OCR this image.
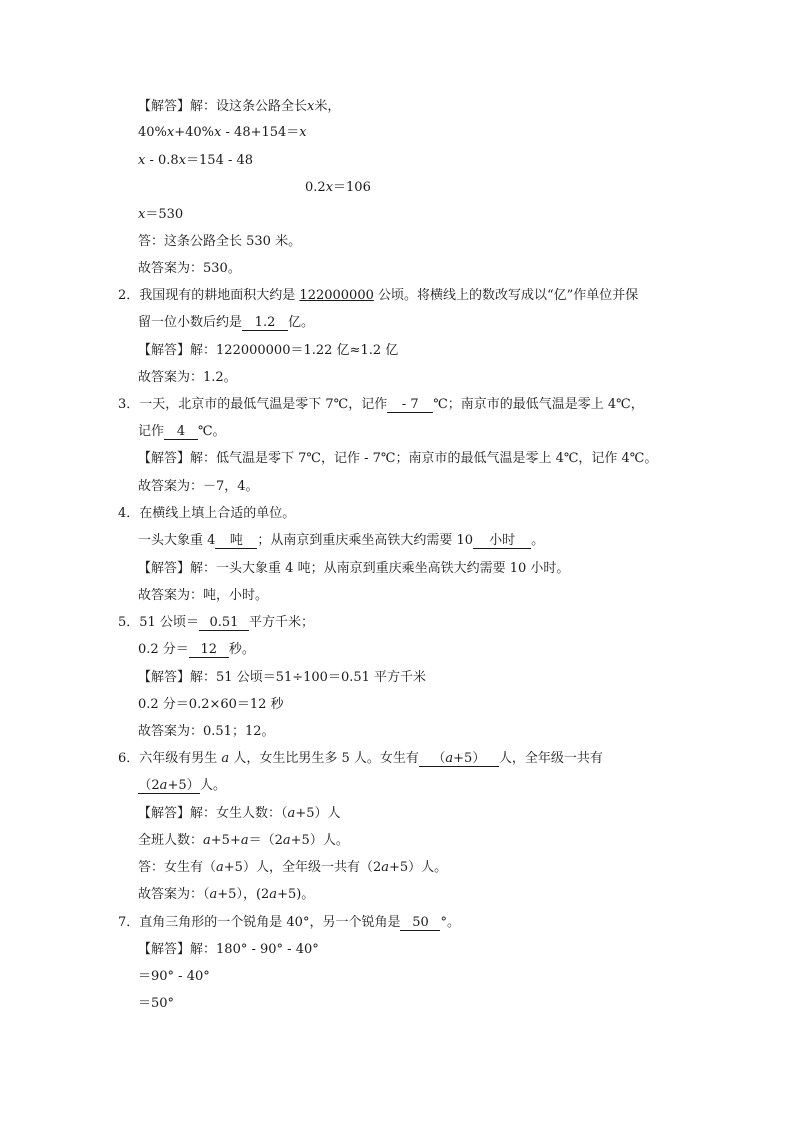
【解答】解：设这条公路全长x米，
40%x+40%x - 48+154＝x
x - 0.8x＝154 - 48
0.2x＝106
x＝530
答：这条公路全长 530 米。
故答案为：530。
2．我国现有的耕地面积大约是 122000000 公顷。将横线上的数改写成以“亿”作单位并保
留一位小数后约是 1.2 亿。
【解答】解：122000000＝1.22 亿≈1.2 亿
故答案为：1.2。
3．一天，北京市的最低气温是零下 7℃，记作- 7 ℃；南京市的最低气温是零上 4℃，
记作 4 ℃。
【解答】解：低气温是零下 7℃，记作 - 7℃；南京市的最低气温是零上 4℃，记作 4℃。
故答案为：－7，4。
4．在横线上填上合适的单位。
一头大象重 4 吨 ；从南京到重庆乘坐高铁大约需要 10 小时 。
【解答】解：一头大象重 4 吨；从南京到重庆乘坐高铁大约需要 10 小时。
故答案为：吨，小时。
5．51 公顷＝ 0.51 平方千米；
0.2 分＝ 12 秒。
【解答】解：51 公顷＝51÷100＝0.51 平方千米
0.2 分＝0.2×60＝12 秒
故答案为：0.51；12。
6．六年级有男生 a 人，女生比男生多 5 人。女生有 （a+5） 人，全年级一共有
（2a+5）人。
【解答】解：女生人数：（a+5）人
全班人数：a+5+a＝（2a+5）人。
答：女生有（a+5）人，全年级一共有（2a+5）人。
故答案为：（a+5），(2a+5)。
7．直角三角形的一个锐角是 40°，另一个锐角是 50 °。
【解答】解：180° - 90° - 40°
＝90° - 40°
＝50°
